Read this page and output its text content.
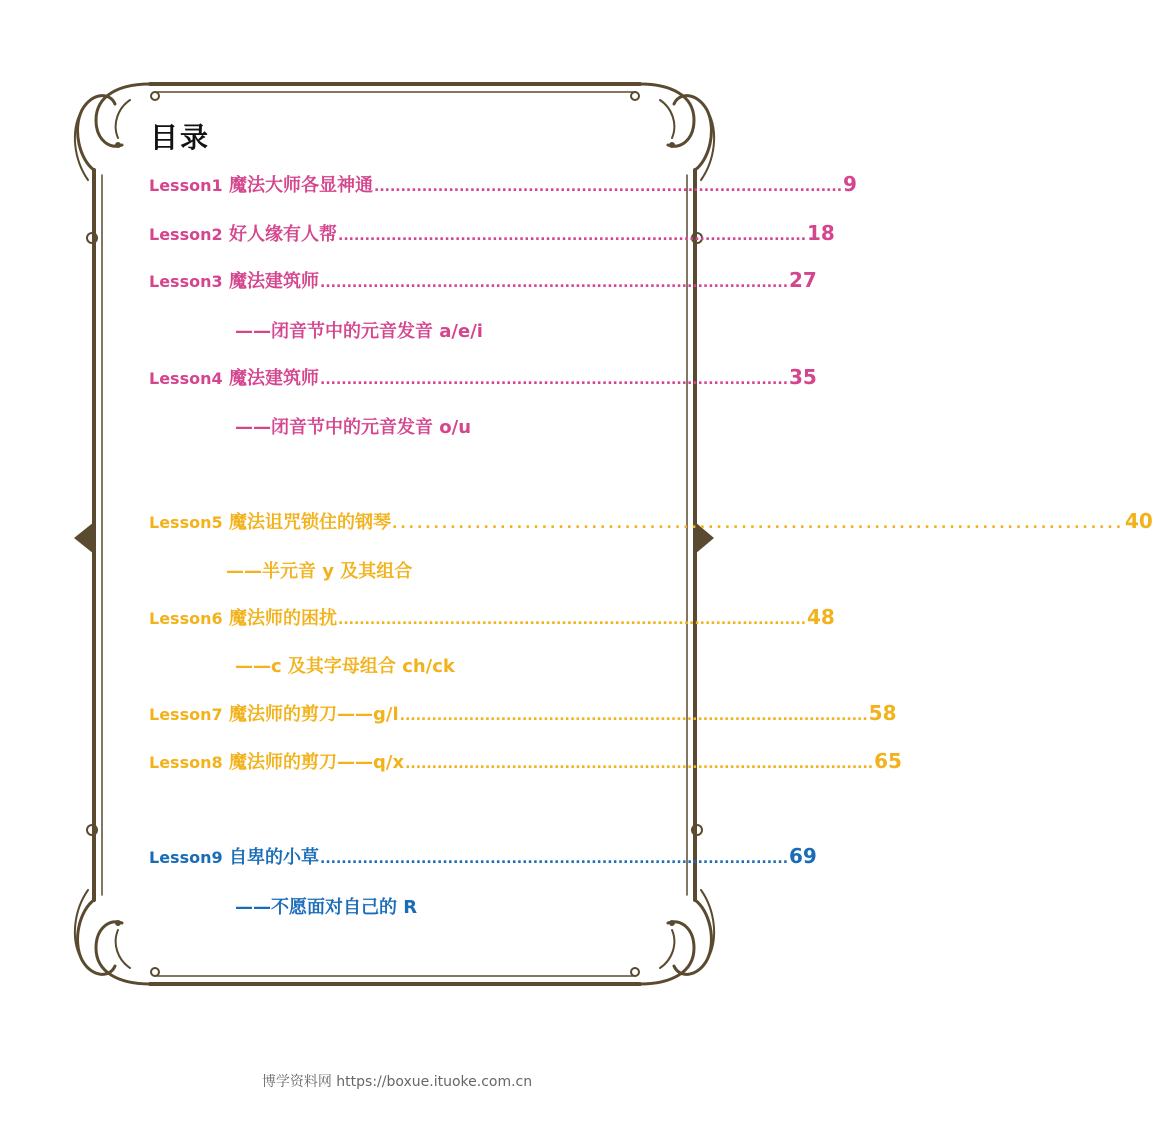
目录
Lesson1 魔法大师各显神通 ........................................................................................ 9
Lesson2 好人缘有人帮 ........................................................................................ 18
Lesson3 魔法建筑师 ........................................................................................ 27
——闭音节中的元音发音 a/e/i
Lesson4 魔法建筑师 ........................................................................................ 35
——闭音节中的元音发音 o/u
Lesson5 魔法诅咒锁住的钢琴 ........................................................................................ 40
——半元音 y 及其组合
Lesson6 魔法师的困扰 ........................................................................................ 48
——c 及其字母组合 ch/ck
Lesson7 魔法师的剪刀——g/l ........................................................................................ 58
Lesson8 魔法师的剪刀——q/x ........................................................................................ 65
Lesson9 自卑的小草 ........................................................................................ 69
——不愿面对自己的 R
博学资料网 https://boxue.ituoke.com.cn
